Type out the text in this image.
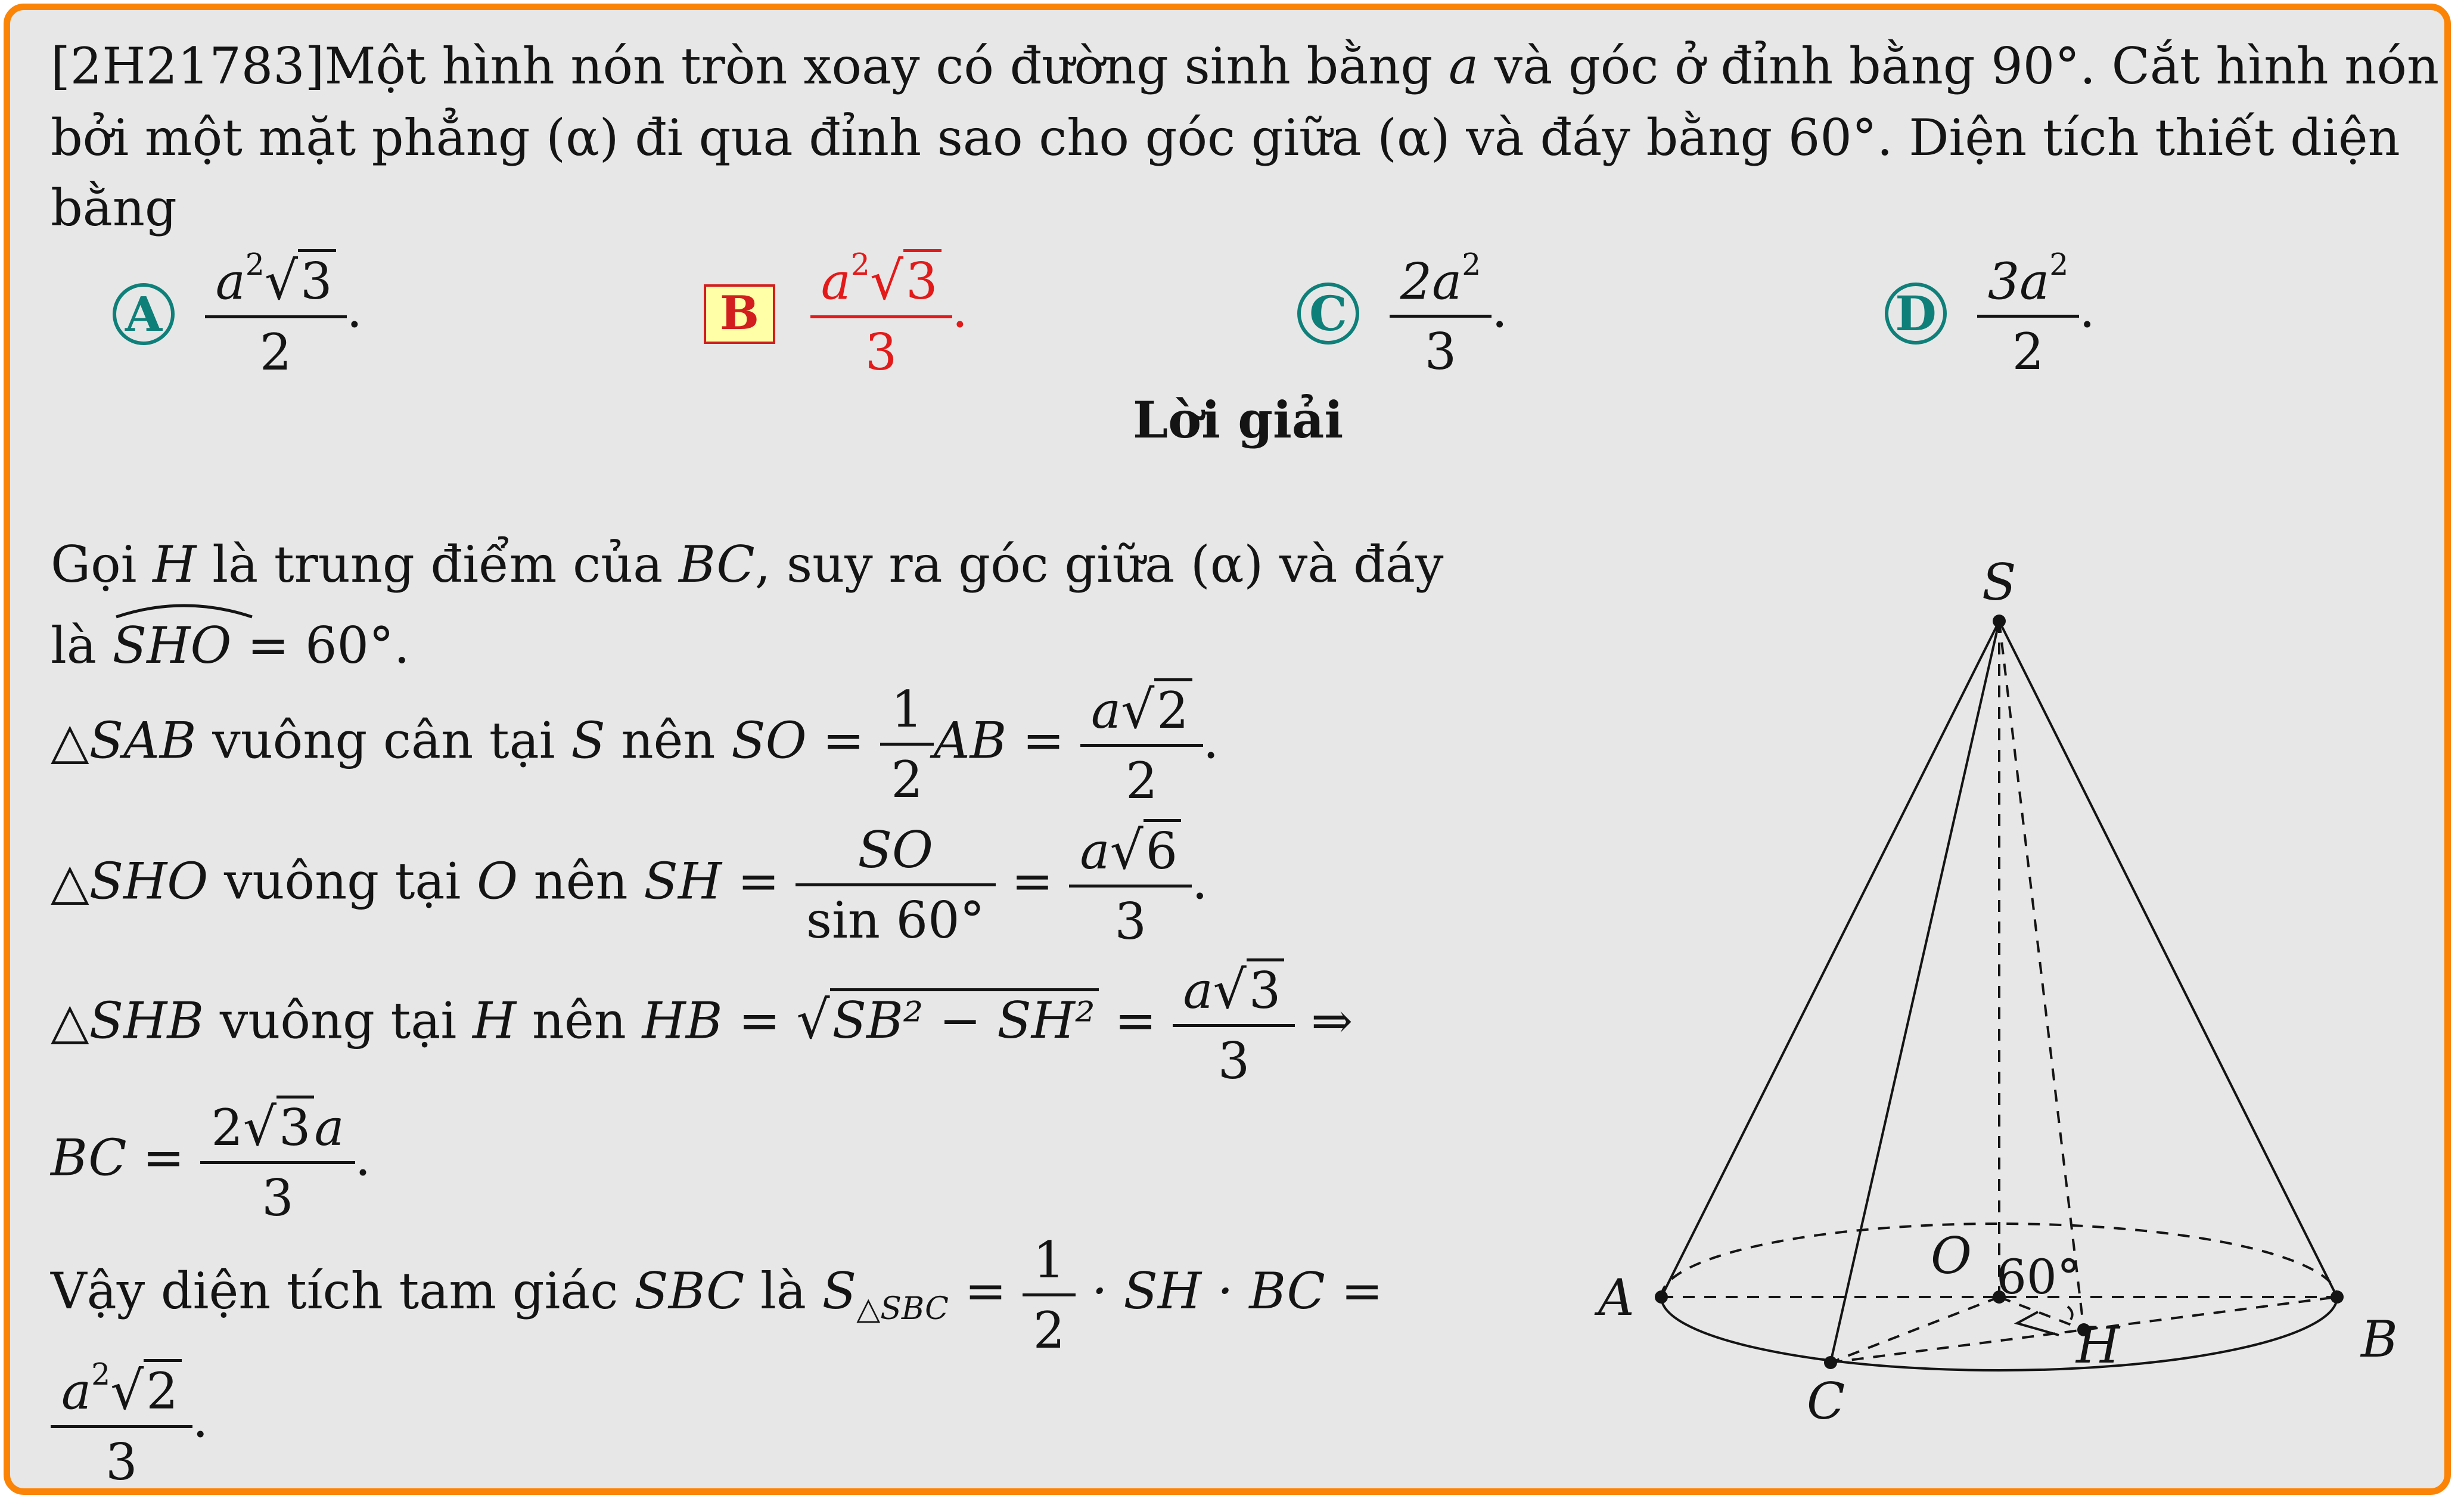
[2H21783]Một hình nón tròn xoay có đường sinh bằng a và góc ở đỉnh bằng 90°. Cắt hình nón
bởi một mặt phẳng (α) đi qua đỉnh sao cho góc giữa (α) và đáy bằng 60°. Diện tích thiết diện
bằng
A $\frac{a^2√3}{2}$ .	B $\frac{a^2√3}{3}$ .	C $\frac{2a^2}{3}$ .	D $\frac{3a^2}{2}$ .
Lời giải
Gọi H là trung điểm của BC, suy ra góc giữa (α) và đáy
là SHO = 60°.
△SAB vuông cân tại S nên SO = $\frac{1}{2}$ AB = $\frac{a√2}{2}$ .
△SHO vuông tại O nên SH = $\frac{SO}{\sin 60^\circ} = \frac{a√6}{3}$ .
△SHB vuông tại H nên HB = $√SB^2 - SH^2 = \frac{a√3}{3}$ ⇒
BC = $\frac{2√3a}{3}$ .
Vậy diện tích tam giác SBC là $S_{\triangle SBC} = \frac{1}{2}$ · SH · BC =
$\frac{a^2√2}{3}$ .
S
O
A
B
C
H
60°
